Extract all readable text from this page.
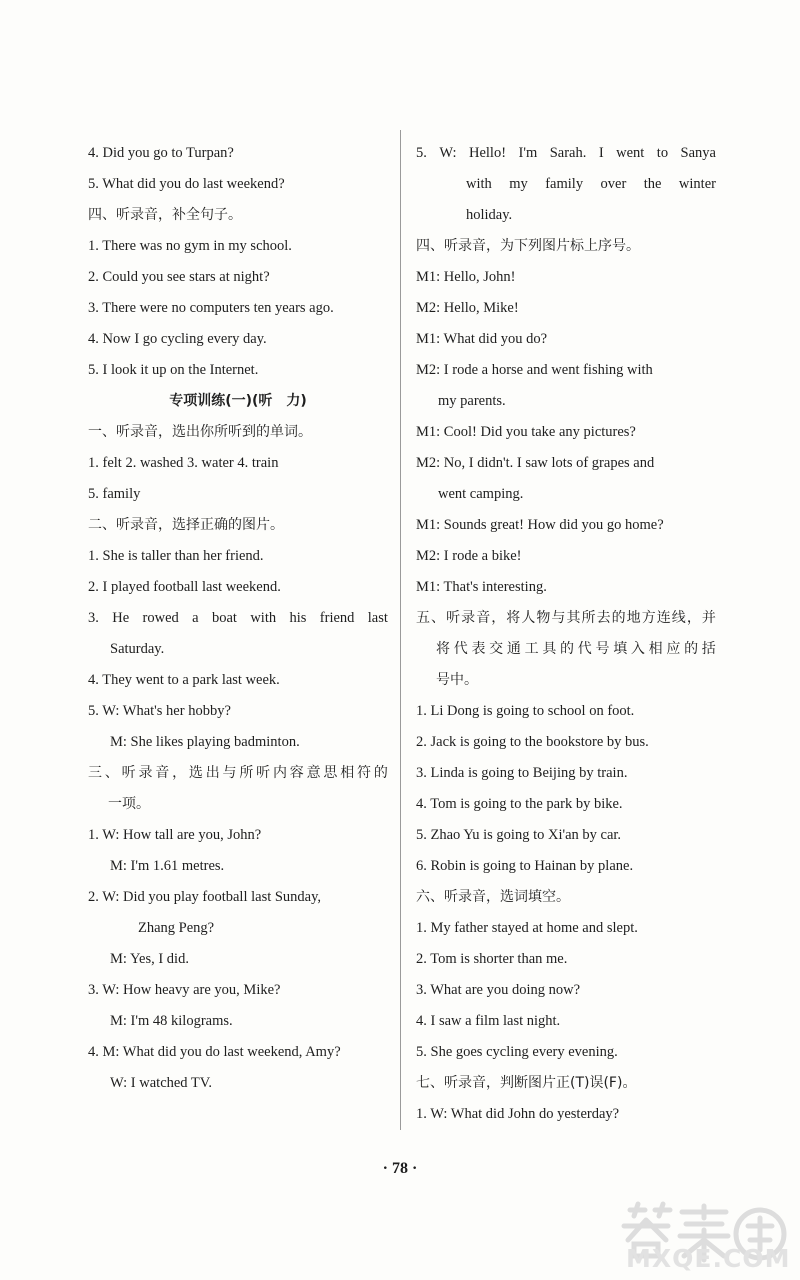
4. Did you go to Turpan?
5. What did you do last weekend?
四、听录音，补全句子。
1. There was no gym in my school.
2. Could you see stars at night?
3. There were no computers ten years ago.
4. Now I go cycling every day.
5. I look it up on the Internet.
专项训练(一)(听　力)
一、听录音，选出你所听到的单词。
1. felt 2. washed 3. water 4. train
5. family
二、听录音，选择正确的图片。
1. She is taller than her friend.
2. I played football last weekend.
3. He rowed a boat with his friend last
Saturday.
4. They went to a park last week.
5. W: What's her hobby?
M: She likes playing badminton.
三 、 听 录 音 ， 选 出 与 所 听 内 容 意 思 相 符 的
一项。
1. W: How tall are you, John?
M: I'm 1.61 metres.
2. W: Did you play football last Sunday,
Zhang Peng?
M: Yes, I did.
3. W: How heavy are you, Mike?
M: I'm 48 kilograms.
4. M: What did you do last weekend, Amy?
W: I watched TV.
5. W: Hello! I'm Sarah. I went to Sanya
with my family over the winter
holiday.
四、听录音，为下列图片标上序号。
M1: Hello, John!
M2: Hello, Mike!
M1: What did you do?
M2: I rode a horse and went fishing with
my parents.
M1: Cool! Did you take any pictures?
M2: No, I didn't. I saw lots of grapes and
went camping.
M1: Sounds great! How did you go home?
M2: I rode a bike!
M1: That's interesting.
五 、 听 录 音 ， 将 人 物 与 其 所 去 的 地 方 连 线 ， 并
将 代 表 交 通 工 具 的 代 号 填 入 相 应 的 括
号中。
1. Li Dong is going to school on foot.
2. Jack is going to the bookstore by bus.
3. Linda is going to Beijing by train.
4. Tom is going to the park by bike.
5. Zhao Yu is going to Xi'an by car.
6. Robin is going to Hainan by plane.
六、听录音，选词填空。
1. My father stayed at home and slept.
2. Tom is shorter than me.
3. What are you doing now?
4. I saw a film last night.
5. She goes cycling every evening.
七、听录音，判断图片正(T)误(F)。
1. W: What did John do yesterday?
· 78 ·
MXQE.COM
